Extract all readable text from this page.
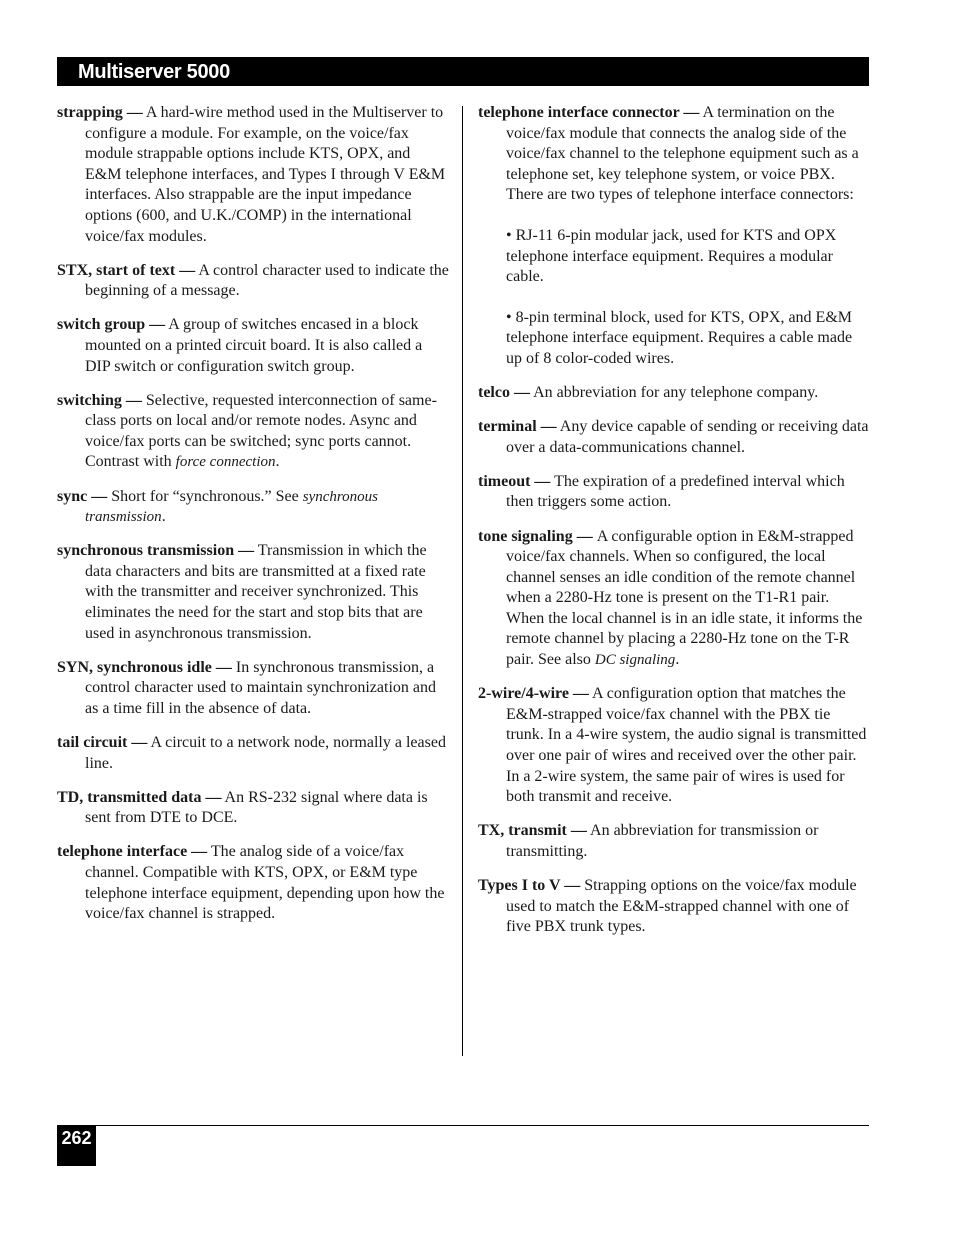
Multiserver 5000

strapping — A hard-wire method used in the Multiserver to configure a module. For example, on the voice/fax module strappable options include KTS, OPX, and E&M telephone interfaces, and Types I through V E&M interfaces. Also strappable are the input impedance options (600, and U.K./COMP) in the international voice/fax modules.

STX, start of text — A control character used to indicate the beginning of a message.

switch group — A group of switches encased in a block mounted on a printed circuit board. It is also called a DIP switch or configuration switch group.

switching — Selective, requested interconnection of same-class ports on local and/or remote nodes. Async and voice/fax ports can be switched; sync ports cannot. Contrast with force connection.

sync — Short for “synchronous.” See synchronous transmission.

synchronous transmission — Transmission in which the data characters and bits are transmitted at a fixed rate with the transmitter and receiver synchronized. This eliminates the need for the start and stop bits that are used in asynchronous transmission.

SYN, synchronous idle — In synchronous transmission, a control character used to maintain synchronization and as a time fill in the absence of data.

tail circuit — A circuit to a network node, normally a leased line.

TD, transmitted data — An RS-232 signal where data is sent from DTE to DCE.

telephone interface — The analog side of a voice/fax channel. Compatible with KTS, OPX, or E&M type telephone interface equipment, depending upon how the voice/fax channel is strapped.

telephone interface connector — A termination on the voice/fax module that connects the analog side of the voice/fax channel to the telephone equipment such as a telephone set, key telephone system, or voice PBX. There are two types of telephone interface connectors:

• RJ-11 6-pin modular jack, used for KTS and OPX telephone interface equipment. Requires a modular cable.

• 8-pin terminal block, used for KTS, OPX, and E&M telephone interface equipment. Requires a cable made up of 8 color-coded wires.

telco — An abbreviation for any telephone company.

terminal — Any device capable of sending or receiving data over a data-communications channel.

timeout — The expiration of a predefined interval which then triggers some action.

tone signaling — A configurable option in E&M-strapped voice/fax channels. When so configured, the local channel senses an idle condition of the remote channel when a 2280-Hz tone is present on the T1-R1 pair. When the local channel is in an idle state, it informs the remote channel by placing a 2280-Hz tone on the T-R pair. See also DC signaling.

2-wire/4-wire — A configuration option that matches the E&M-strapped voice/fax channel with the PBX tie trunk. In a 4-wire system, the audio signal is transmitted over one pair of wires and received over the other pair. In a 2-wire system, the same pair of wires is used for both transmit and receive.

TX, transmit — An abbreviation for transmission or transmitting.

Types I to V — Strapping options on the voice/fax module used to match the E&M-strapped channel with one of five PBX trunk types.

262
